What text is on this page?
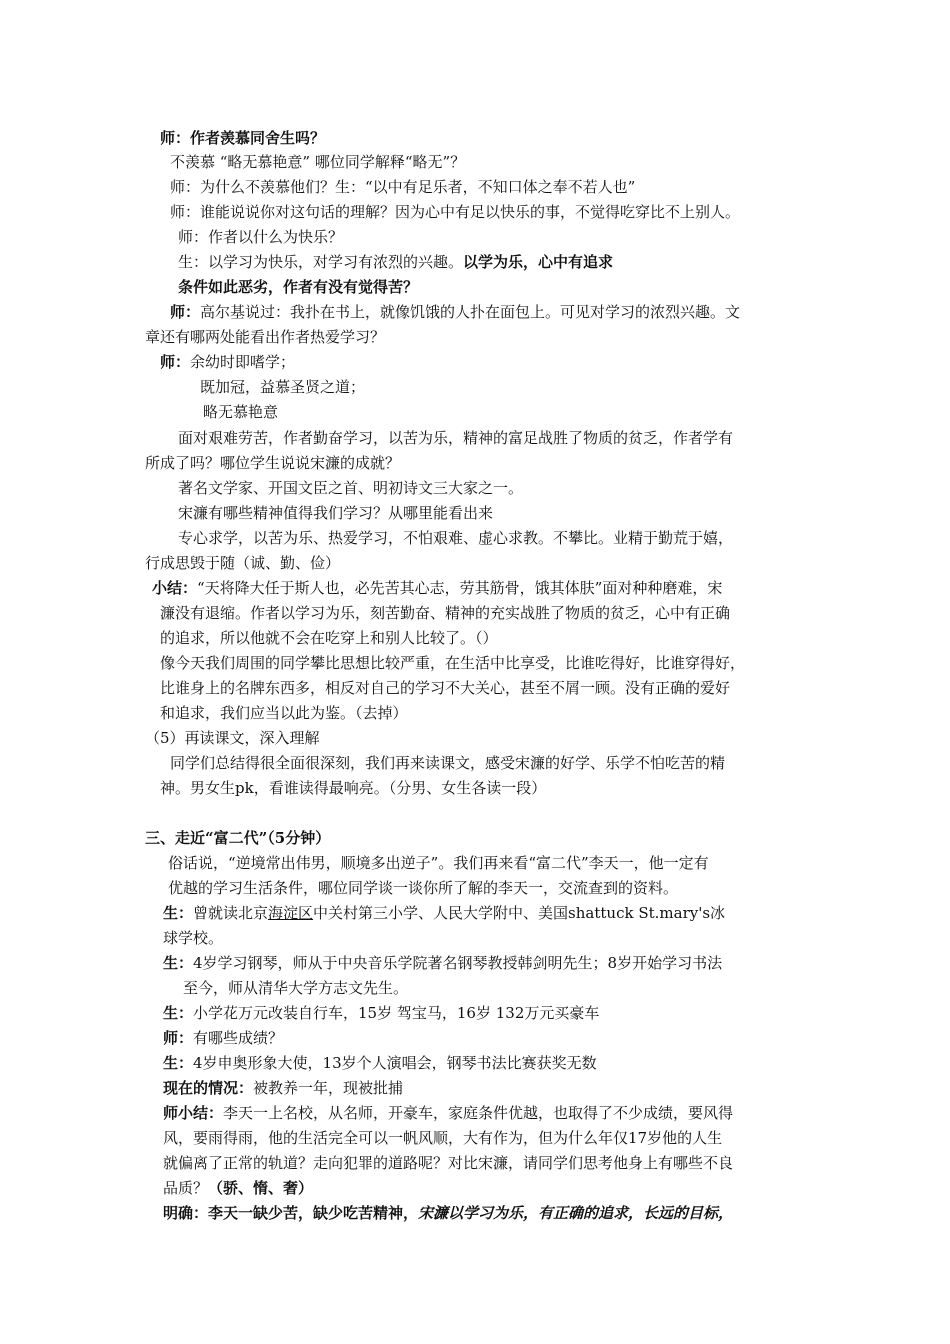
师：作者羡慕同舍生吗？
不羡慕 “略无慕艳意” 哪位同学解释“略无”？
师：为什么不羡慕他们？生：“以中有足乐者，不知口体之奉不若人也”
师：谁能说说你对这句话的理解？因为心中有足以快乐的事，不觉得吃穿比不上别人。
师：作者以什么为快乐？
生：以学习为快乐，对学习有浓烈的兴趣。以学为乐，心中有追求
条件如此恶劣，作者有没有觉得苦？
师：高尔基说过：我扑在书上，就像饥饿的人扑在面包上。可见对学习的浓烈兴趣。文
章还有哪两处能看出作者热爱学习？
师：余幼时即嗜学；
既加冠，益慕圣贤之道；
略无慕艳意
面对艰难劳苦，作者勤奋学习，以苦为乐，精神的富足战胜了物质的贫乏，作者学有
所成了吗？哪位学生说说宋濂的成就？
著名文学家、开国文臣之首、明初诗文三大家之一。
宋濂有哪些精神值得我们学习？从哪里能看出来
专心求学，以苦为乐、热爱学习，不怕艰难、虚心求教。不攀比。业精于勤荒于嬉，
行成思毁于随（诚、勤、俭）
小结：“天将降大任于斯人也，必先苦其心志，劳其筋骨，饿其体肤”面对种种磨难，宋
濂没有退缩。作者以学习为乐，刻苦勤奋、精神的充实战胜了物质的贫乏，心中有正确
的追求，所以他就不会在吃穿上和别人比较了。（）
像今天我们周围的同学攀比思想比较严重，在生活中比享受，比谁吃得好，比谁穿得好，
比谁身上的名牌东西多，相反对自己的学习不大关心，甚至不屑一顾。没有正确的爱好
和追求，我们应当以此为鉴。（去掉）
（5）再读课文，深入理解
同学们总结得很全面很深刻，我们再来读课文，感受宋濂的好学、乐学不怕吃苦的精
神。男女生pk，看谁读得最响亮。（分男、女生各读一段）
三、走近“富二代”（5分钟）
俗话说，“逆境常出伟男，顺境多出逆子”。我们再来看“富二代”李天一，他一定有
优越的学习生活条件，哪位同学谈一谈你所了解的李天一，交流查到的资料。
生：曾就读北京海淀区中关村第三小学、人民大学附中、美国shattuck St.mary's冰
球学校。
生：4岁学习钢琴，师从于中央音乐学院著名钢琴教授韩剑明先生；8岁开始学习书法
至今，师从清华大学方志文先生。
生：小学花万元改装自行车，15岁 驾宝马，16岁 132万元买豪车
师：有哪些成绩？
生：4岁申奥形象大使，13岁个人演唱会，钢琴书法比赛获奖无数
现在的情况：被教养一年，现被批捕
师小结：李天一上名校，从名师，开豪车，家庭条件优越，也取得了不少成绩，要风得
风，要雨得雨，他的生活完全可以一帆风顺，大有作为，但为什么年仅17岁他的人生
就偏离了正常的轨道？走向犯罪的道路呢？对比宋濂，请同学们思考他身上有哪些不良
品质？（骄、惰、奢）
明确：李天一缺少苦，缺少吃苦精神，宋濂以学习为乐，有正确的追求，长远的目标，
